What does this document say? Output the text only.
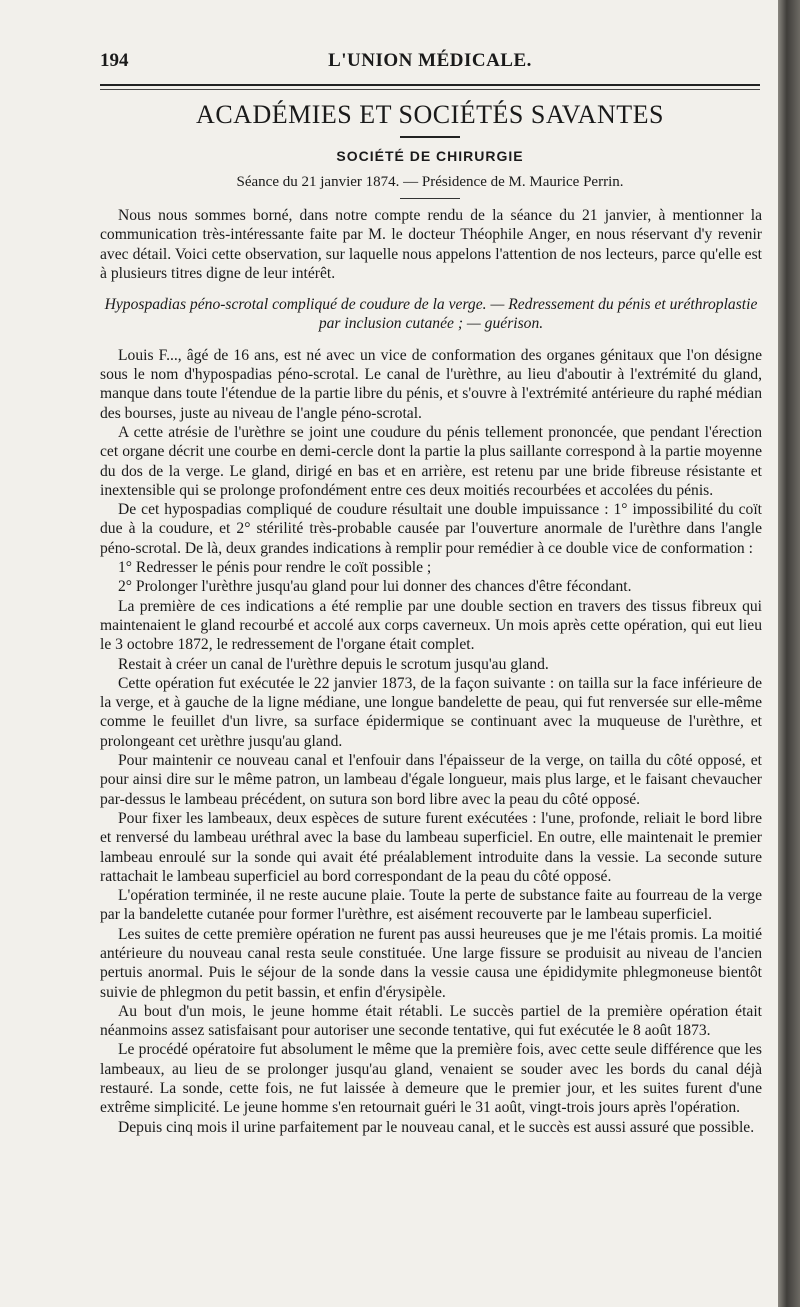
194	L'UNION MÉDICALE.
ACADÉMIES ET SOCIÉTÉS SAVANTES
SOCIÉTÉ DE CHIRURGIE
Séance du 21 janvier 1874. — Présidence de M. Maurice Perrin.

Nous nous sommes borné, dans notre compte rendu de la séance du 21 janvier, à mentionner la communication très-intéressante faite par M. le docteur Théophile Anger, en nous réservant d'y revenir avec détail. Voici cette observation, sur laquelle nous appelons l'attention de nos lecteurs, parce qu'elle est à plusieurs titres digne de leur intérêt.

Hypospadias péno-scrotal compliqué de coudure de la verge. — Redressement du pénis et uréthroplastie par inclusion cutanée ; — guérison.

Louis F..., âgé de 16 ans, est né avec un vice de conformation des organes génitaux que l'on désigne sous le nom d'hypospadias péno-scrotal. Le canal de l'urèthre, au lieu d'aboutir à l'extrémité du gland, manque dans toute l'étendue de la partie libre du pénis, et s'ouvre à l'extrémité antérieure du raphé médian des bourses, juste au niveau de l'angle péno-scrotal.

A cette atrésie de l'urèthre se joint une coudure du pénis tellement prononcée, que pendant l'érection cet organe décrit une courbe en demi-cercle dont la partie la plus saillante correspond à la partie moyenne du dos de la verge. Le gland, dirigé en bas et en arrière, est retenu par une bride fibreuse résistante et inextensible qui se prolonge profondément entre ces deux moitiés recourbées et accolées du pénis.

De cet hypospadias compliqué de coudure résultait une double impuissance : 1° impossibilité du coït due à la coudure, et 2° stérilité très-probable causée par l'ouverture anormale de l'urèthre dans l'angle péno-scrotal. De là, deux grandes indications à remplir pour remédier à ce double vice de conformation :

1° Redresser le pénis pour rendre le coït possible ;

2° Prolonger l'urèthre jusqu'au gland pour lui donner des chances d'être fécondant.

La première de ces indications a été remplie par une double section en travers des tissus fibreux qui maintenaient le gland recourbé et accolé aux corps caverneux. Un mois après cette opération, qui eut lieu le 3 octobre 1872, le redressement de l'organe était complet.

Restait à créer un canal de l'urèthre depuis le scrotum jusqu'au gland.

Cette opération fut exécutée le 22 janvier 1873, de la façon suivante : on tailla sur la face inférieure de la verge, et à gauche de la ligne médiane, une longue bandelette de peau, qui fut renversée sur elle-même comme le feuillet d'un livre, sa surface épidermique se continuant avec la muqueuse de l'urèthre, et prolongeant cet urèthre jusqu'au gland.

Pour maintenir ce nouveau canal et l'enfouir dans l'épaisseur de la verge, on tailla du côté opposé, et pour ainsi dire sur le même patron, un lambeau d'égale longueur, mais plus large, et le faisant chevaucher par-dessus le lambeau précédent, on sutura son bord libre avec la peau du côté opposé.

Pour fixer les lambeaux, deux espèces de suture furent exécutées : l'une, profonde, reliait le bord libre et renversé du lambeau uréthral avec la base du lambeau superficiel. En outre, elle maintenait le premier lambeau enroulé sur la sonde qui avait été préalablement introduite dans la vessie. La seconde suture rattachait le lambeau superficiel au bord correspondant de la peau du côté opposé.

L'opération terminée, il ne reste aucune plaie. Toute la perte de substance faite au fourreau de la verge par la bandelette cutanée pour former l'urèthre, est aisément recouverte par le lambeau superficiel.

Les suites de cette première opération ne furent pas aussi heureuses que je me l'étais promis. La moitié antérieure du nouveau canal resta seule constituée. Une large fissure se produisit au niveau de l'ancien pertuis anormal. Puis le séjour de la sonde dans la vessie causa une épididymite phlegmoneuse bientôt suivie de phlegmon du petit bassin, et enfin d'érysipèle.

Au bout d'un mois, le jeune homme était rétabli. Le succès partiel de la première opération était néanmoins assez satisfaisant pour autoriser une seconde tentative, qui fut exécutée le 8 août 1873.

Le procédé opératoire fut absolument le même que la première fois, avec cette seule différence que les lambeaux, au lieu de se prolonger jusqu'au gland, venaient se souder avec les bords du canal déjà restauré. La sonde, cette fois, ne fut laissée à demeure que le premier jour, et les suites furent d'une extrême simplicité. Le jeune homme s'en retournait guéri le 31 août, vingt-trois jours après l'opération.

Depuis cinq mois il urine parfaitement par le nouveau canal, et le succès est aussi assuré que possible.
